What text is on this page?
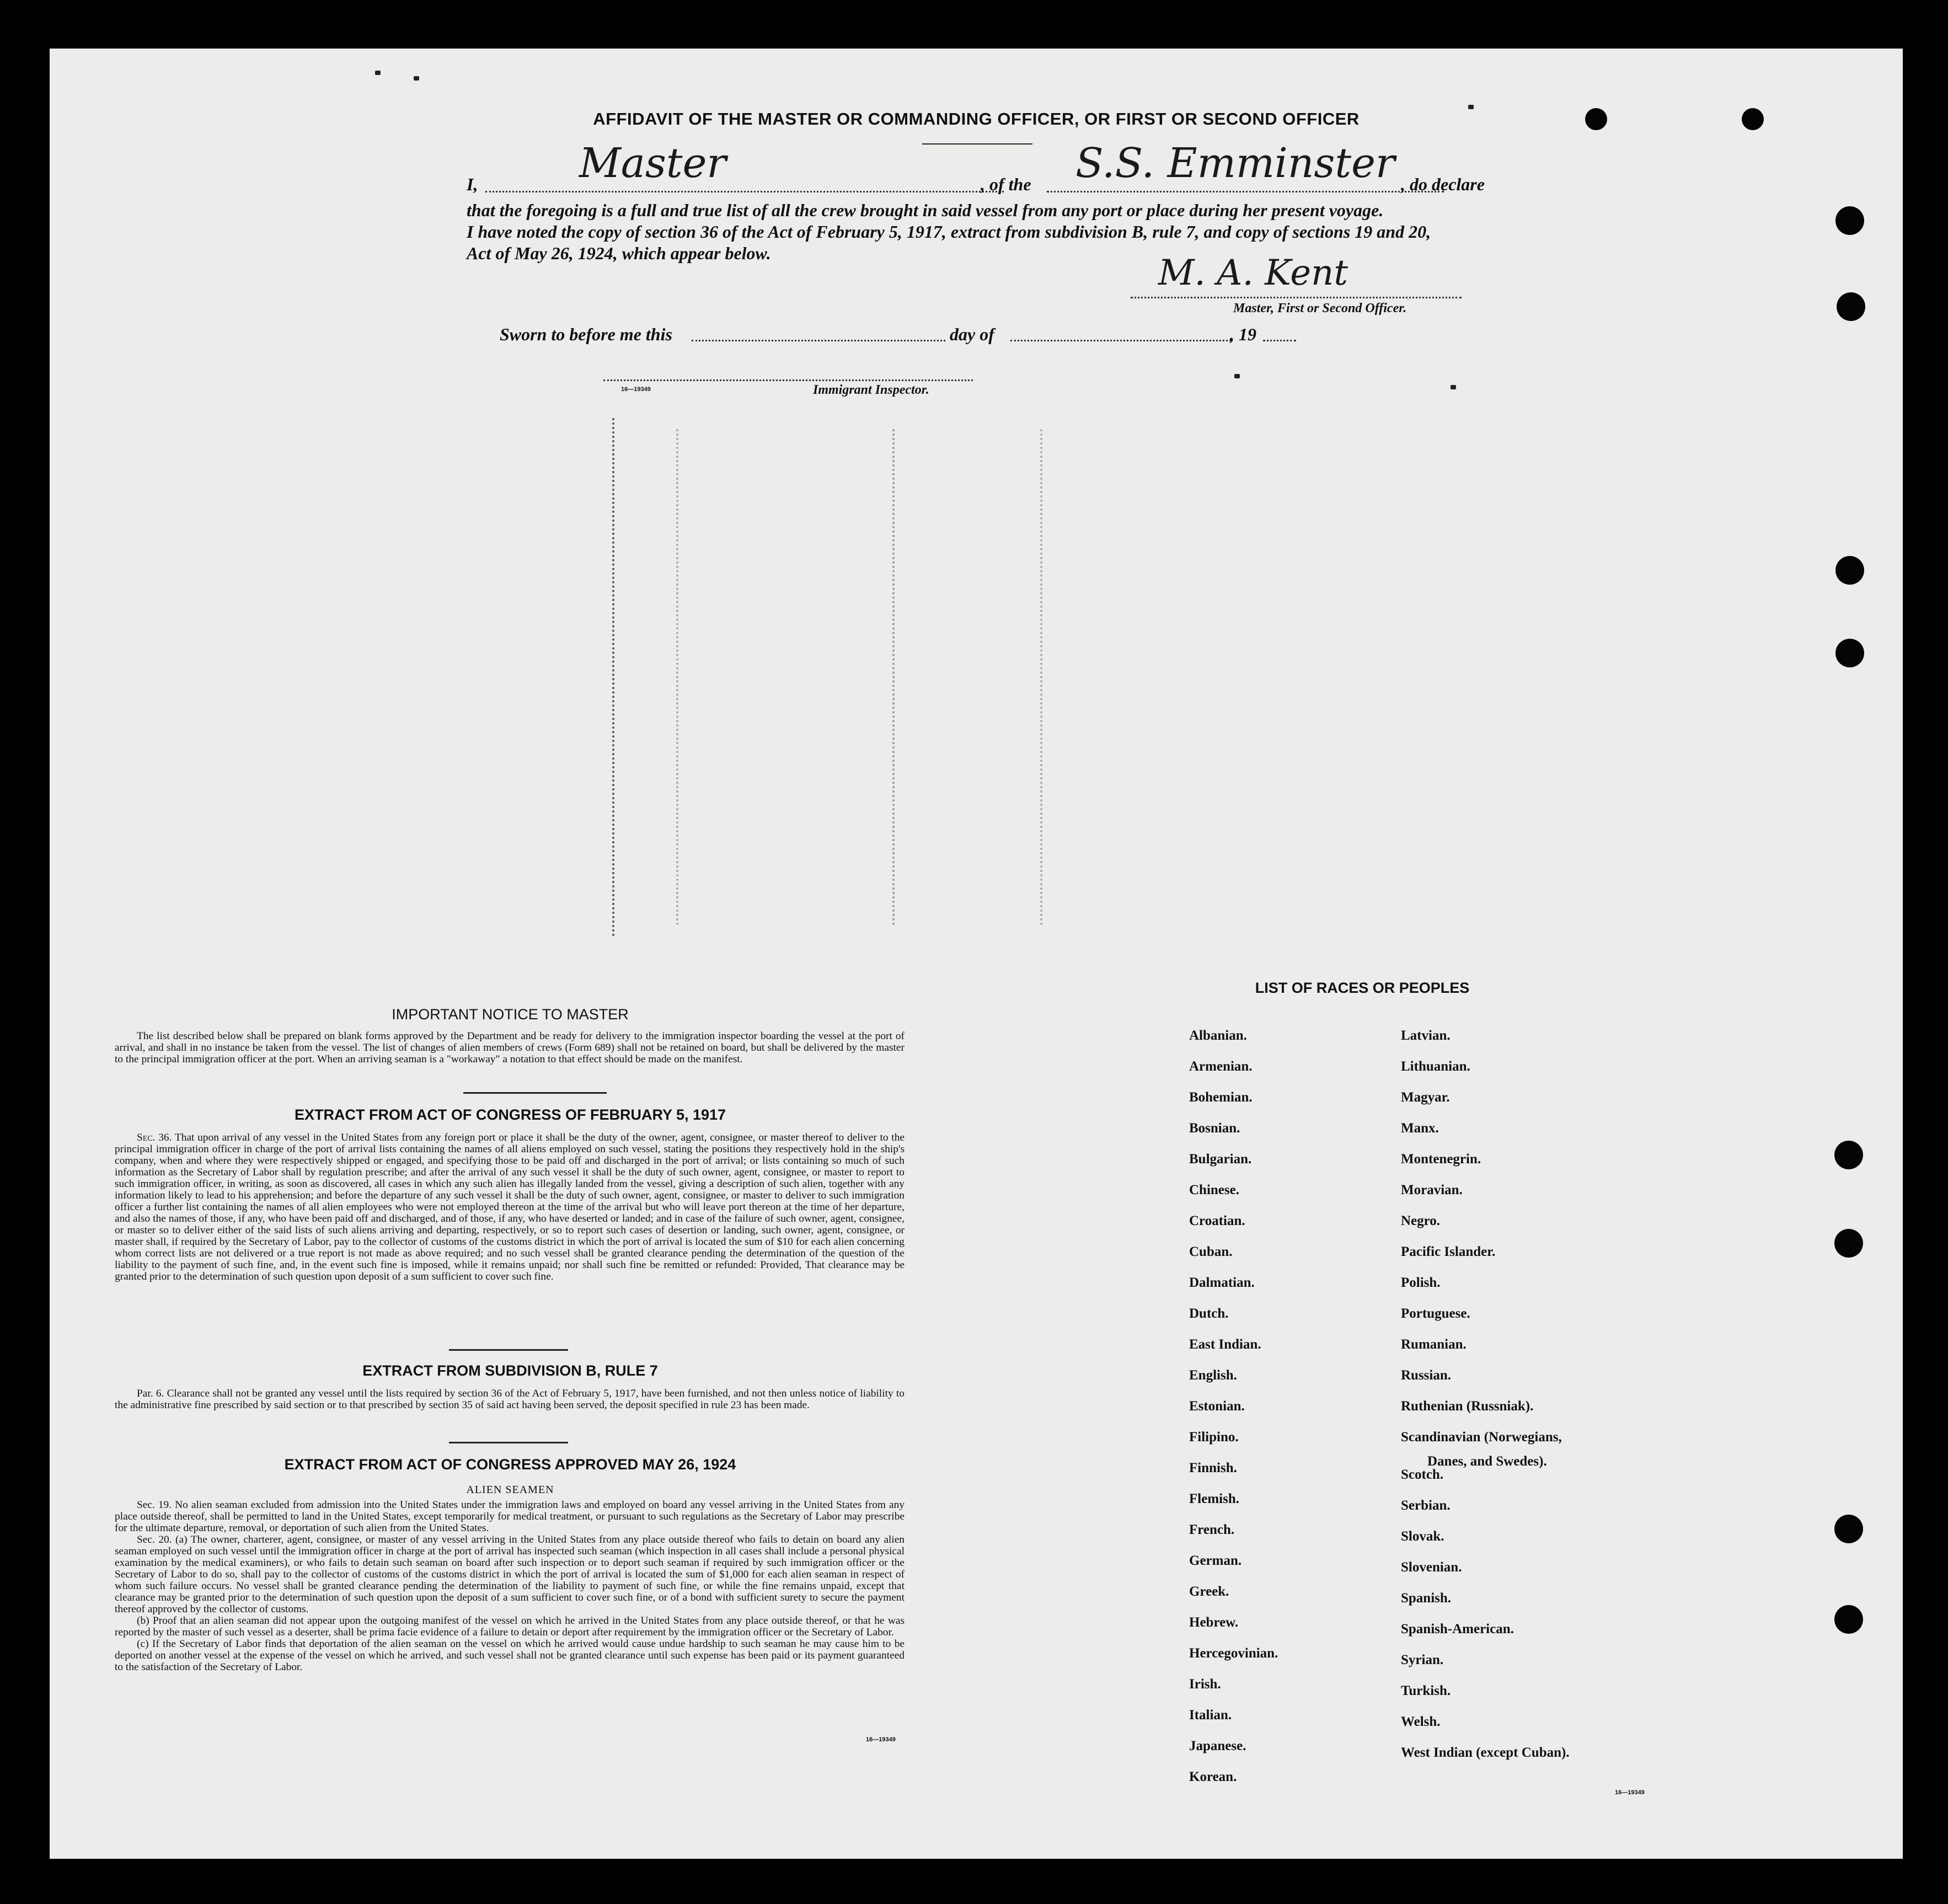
AFFIDAVIT OF THE MASTER OR COMMANDING OFFICER, OR FIRST OR SECOND OFFICER
I, Master	, of the S.S. Emminster , do declare
that the foregoing is a full and true list of all the crew brought in said vessel from any port or place during her present voyage.
I have noted the copy of section 36 of the Act of February 5, 1917, extract from subdivision B, rule 7, and copy of sections 19 and 20,
Act of May 26, 1924, which appear below.	M. A. Kent
Master, First or Second Officer.
Sworn to before me this	day of	, 19
16—19349	Immigrant Inspector.
IMPORTANT NOTICE TO MASTER

The list described below shall be prepared on blank forms approved by the Department and be ready for delivery to the immigration inspector boarding the vessel at the port of arrival, and shall in no instance be taken from the vessel. The list of changes of alien members of crews (Form 689) shall not be retained on board, but shall be delivered by the master to the principal immigration officer at the port. When an arriving seaman is a "workaway" a notation to that effect should be made on the manifest.

EXTRACT FROM ACT OF CONGRESS OF FEBRUARY 5, 1917

Sec. 36. That upon arrival of any vessel in the United States from any foreign port or place it shall be the duty of the owner, agent, consignee, or master thereof to deliver to the principal immigration officer in charge of the port of arrival lists containing the names of all aliens employed on such vessel, stating the positions they respectively hold in the ship's company, when and where they were respectively shipped or engaged, and specifying those to be paid off and discharged in the port of arrival; or lists containing so much of such information as the Secretary of Labor shall by regulation prescribe; and after the arrival of any such vessel it shall be the duty of such owner, agent, consignee, or master to report to such immigration officer, in writing, as soon as discovered, all cases in which any such alien has illegally landed from the vessel, giving a description of such alien, together with any information likely to lead to his apprehension; and before the departure of any such vessel it shall be the duty of such owner, agent, consignee, or master to deliver to such immigration officer a further list containing the names of all alien employees who were not employed thereon at the time of the arrival but who will leave port thereon at the time of her departure, and also the names of those, if any, who have been paid off and discharged, and of those, if any, who have deserted or landed; and in case of the failure of such owner, agent, consignee, or master so to deliver either of the said lists of such aliens arriving and departing, respectively, or so to report such cases of desertion or landing, such owner, agent, consignee, or master shall, if required by the Secretary of Labor, pay to the collector of customs of the customs district in which the port of arrival is located the sum of $10 for each alien concerning whom correct lists are not delivered or a true report is not made as above required; and no such vessel shall be granted clearance pending the determination of the question of the liability to the payment of such fine, and, in the event such fine is imposed, while it remains unpaid; nor shall such fine be remitted or refunded: Provided, That clearance may be granted prior to the determination of such question upon deposit of a sum sufficient to cover such fine.

EXTRACT FROM SUBDIVISION B, RULE 7

Par. 6. Clearance shall not be granted any vessel until the lists required by section 36 of the Act of February 5, 1917, have been furnished, and not then unless notice of liability to the administrative fine prescribed by said section or to that prescribed by section 35 of said act having been served, the deposit specified in rule 23 has been made.

EXTRACT FROM ACT OF CONGRESS APPROVED MAY 26, 1924
ALIEN SEAMEN

Sec. 19. No alien seaman excluded from admission into the United States under the immigration laws and employed on board any vessel arriving in the United States from any place outside thereof, shall be permitted to land in the United States, except temporarily for medical treatment, or pursuant to such regulations as the Secretary of Labor may prescribe for the ultimate departure, removal, or deportation of such alien from the United States.

Sec. 20. (a) The owner, charterer, agent, consignee, or master of any vessel arriving in the United States from any place outside thereof who fails to detain on board any alien seaman employed on such vessel until the immigration officer in charge at the port of arrival has inspected such seaman (which inspection in all cases shall include a personal physical examination by the medical examiners), or who fails to detain such seaman on board after such inspection or to deport such seaman if required by such immigration officer or the Secretary of Labor to do so, shall pay to the collector of customs of the customs district in which the port of arrival is located the sum of $1,000 for each alien seaman in respect of whom such failure occurs. No vessel shall be granted clearance pending the determination of the liability to payment of such fine, or while the fine remains unpaid, except that clearance may be granted prior to the determination of such question upon the deposit of a sum sufficient to cover such fine, or of a bond with sufficient surety to secure the payment thereof approved by the collector of customs.

(b) Proof that an alien seaman did not appear upon the outgoing manifest of the vessel on which he arrived in the United States from any place outside thereof, or that he was reported by the master of such vessel as a deserter, shall be prima facie evidence of a failure to detain or deport after requirement by the immigration officer or the Secretary of Labor.

(c) If the Secretary of Labor finds that deportation of the alien seaman on the vessel on which he arrived would cause undue hardship to such seaman he may cause him to be deported on another vessel at the expense of the vessel on which he arrived, and such vessel shall not be granted clearance until such expense has been paid or its payment guaranteed to the satisfaction of the Secretary of Labor.

16—19349
LIST OF RACES OR PEOPLES
Danes, and Swedes).
16—19349
Albanian.
Armenian.
Bohemian.
Bosnian.
Bulgarian.
Chinese.
Croatian.
Cuban.
Dalmatian.
Dutch.
East Indian.
English.
Estonian.
Filipino.
Finnish.
Flemish.
French.
German.
Greek.
Hebrew.
Hercegovinian.
Irish.
Italian.
Japanese.
Korean.
Latvian.
Lithuanian.
Magyar.
Manx.
Montenegrin.
Moravian.
Negro.
Pacific Islander.
Polish.
Portuguese.
Rumanian.
Russian.
Ruthenian (Russniak).
Scandinavian (Norwegians,
Scotch.
Serbian.
Slovak.
Slovenian.
Spanish.
Spanish-American.
Syrian.
Turkish.
Welsh.
West Indian (except Cuban).
